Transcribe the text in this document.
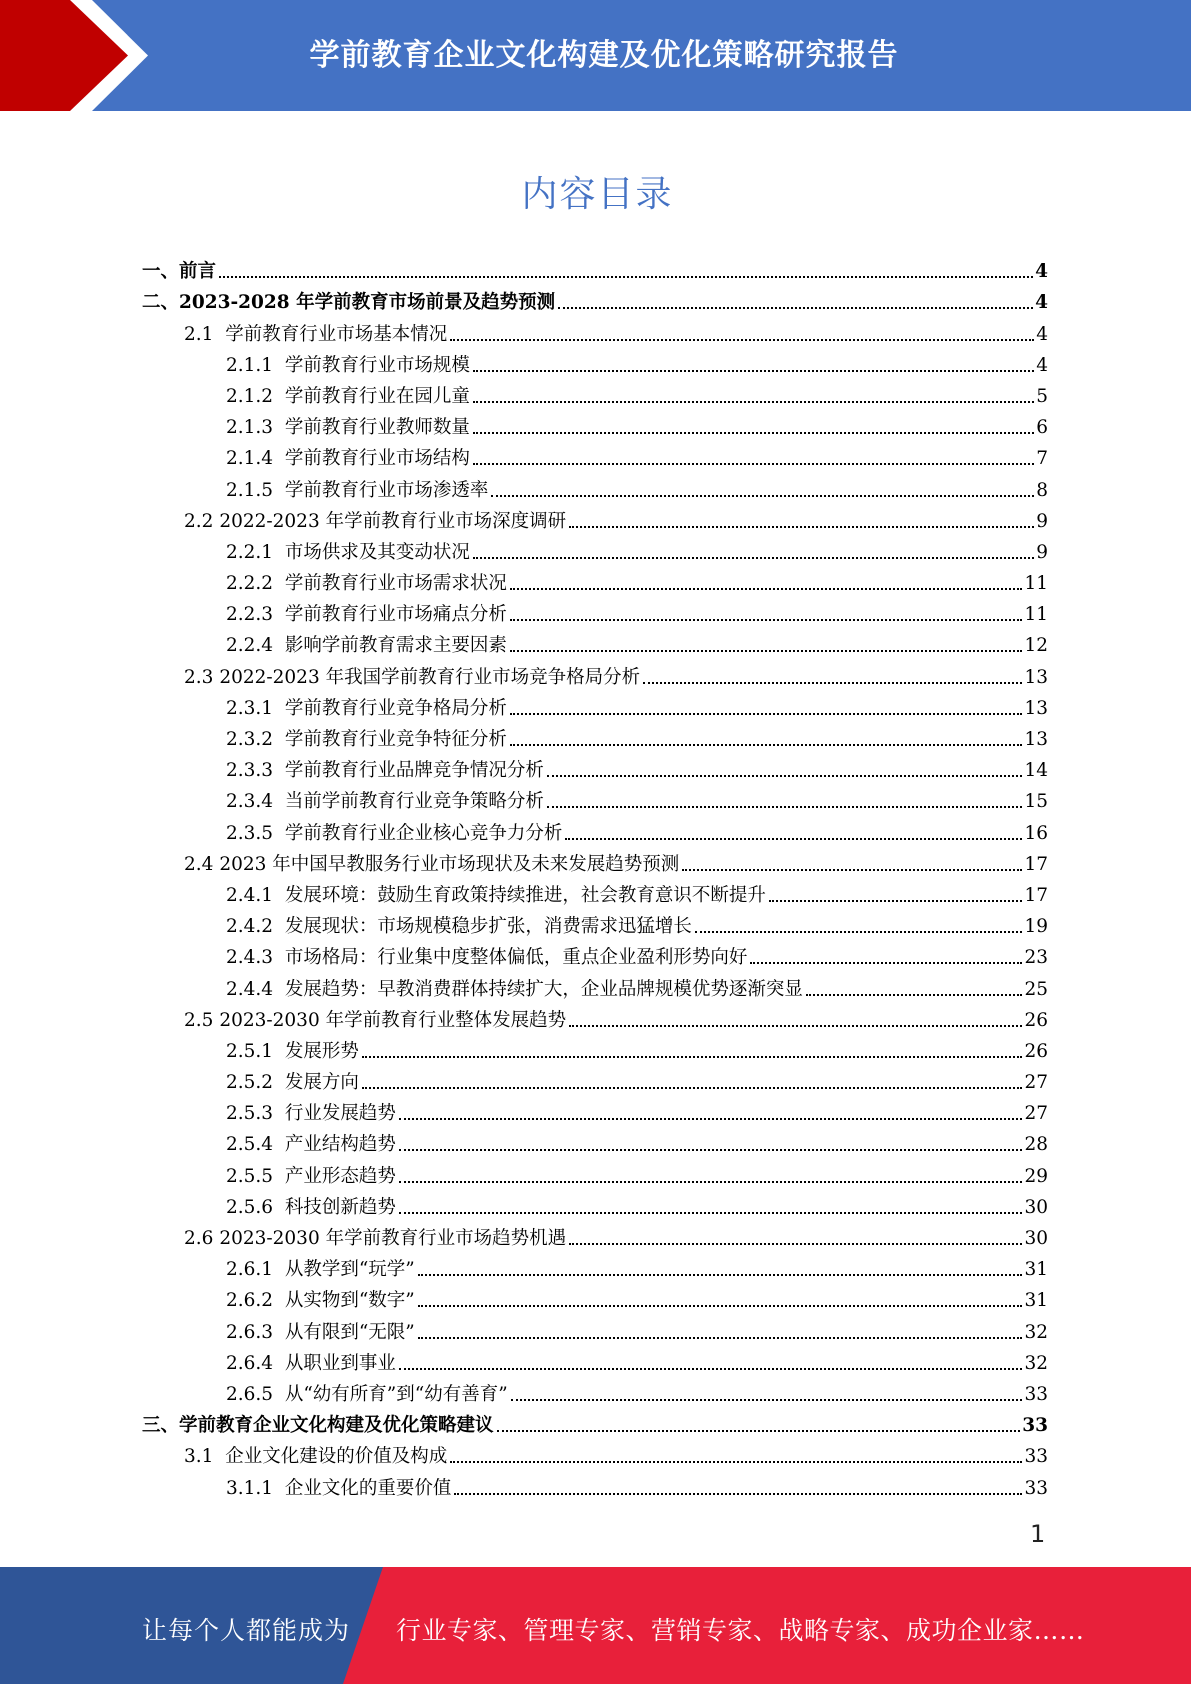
学前教育企业文化构建及优化策略研究报告
内容目录
一、 前言	4
二、 2023-2028 年学前教育市场前景及趋势预测	4
2.1 学前教育行业市场基本情况	4
2.1.1 学前教育行业市场规模	4
2.1.2 学前教育行业在园儿童	5
2.1.3 学前教育行业教师数量	6
2.1.4 学前教育行业市场结构	7
2.1.5 学前教育行业市场渗透率	8
2.2 2022-2023 年学前教育行业市场深度调研	9
2.2.1 市场供求及其变动状况	9
2.2.2 学前教育行业市场需求状况	11
2.2.3 学前教育行业市场痛点分析	11
2.2.4 影响学前教育需求主要因素	12
2.3 2022-2023 年我国学前教育行业市场竞争格局分析	13
2.3.1 学前教育行业竞争格局分析	13
2.3.2 学前教育行业竞争特征分析	13
2.3.3 学前教育行业品牌竞争情况分析	14
2.3.4 当前学前教育行业竞争策略分析	15
2.3.5 学前教育行业企业核心竞争力分析	16
2.4 2023 年中国早教服务行业市场现状及未来发展趋势预测	17
2.4.1 发展环境：鼓励生育政策持续推进，社会教育意识不断提升	17
2.4.2 发展现状：市场规模稳步扩张，消费需求迅猛增长	19
2.4.3 市场格局：行业集中度整体偏低，重点企业盈利形势向好	23
2.4.4 发展趋势：早教消费群体持续扩大，企业品牌规模优势逐渐突显	25
2.5 2023-2030 年学前教育行业整体发展趋势	26
2.5.1 发展形势	26
2.5.2 发展方向	27
2.5.3 行业发展趋势	27
2.5.4 产业结构趋势	28
2.5.5 产业形态趋势	29
2.5.6 科技创新趋势	30
2.6 2023-2030 年学前教育行业市场趋势机遇	30
2.6.1 从教学到“玩学”	31
2.6.2 从实物到“数字”	31
2.6.3 从有限到“无限”	32
2.6.4 从职业到事业	32
2.6.5 从“幼有所育”到“幼有善育”	33
三、 学前教育企业文化构建及优化策略建议	33
3.1 企业文化建设的价值及构成	33
3.1.1 企业文化的重要价值	33
1
让每个人都能成为 行业专家、管理专家、营销专家、战略专家、成功企业家……
